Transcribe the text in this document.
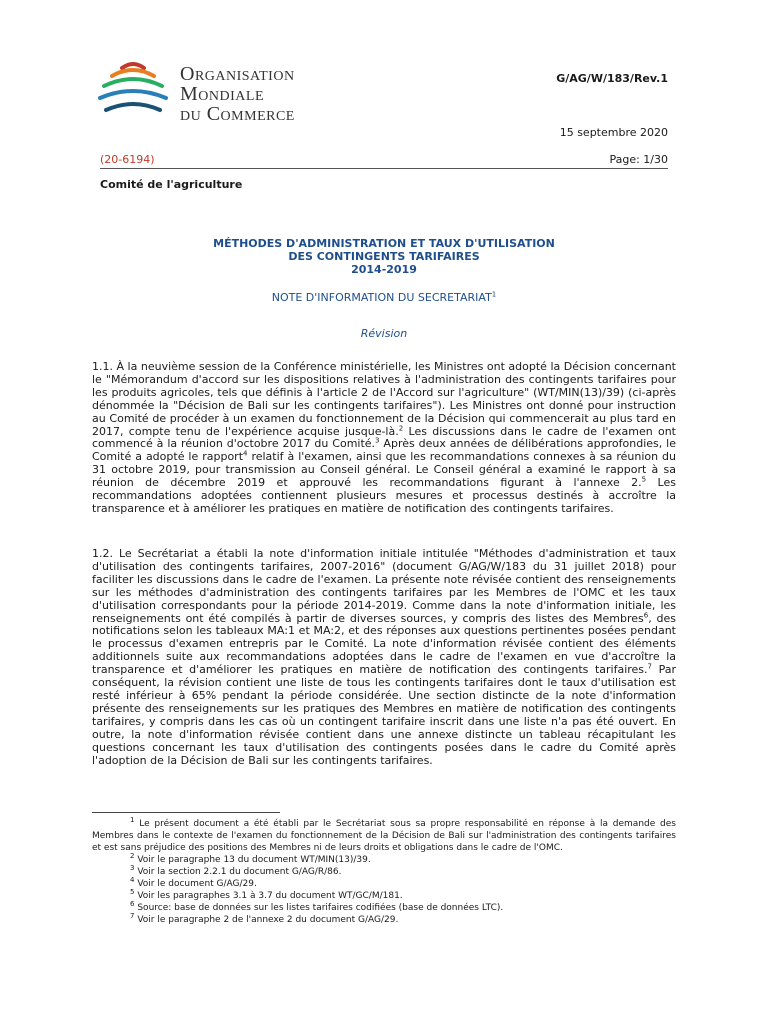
Organisation
Mondiale
du Commerce
G/AG/W/183/Rev.1
15 septembre 2020
(20-6194)	Page: 1/30
Comité de l'agriculture
MÉTHODES D'ADMINISTRATION ET TAUX D'UTILISATION
DES CONTINGENTS TARIFAIRES
2014-2019
NOTE D'INFORMATION DU SECRETARIAT$^1$
Révision
1.1. À la neuvième session de la Conférence ministérielle, les Ministres ont adopté la Décision concernant le "Mémorandum d'accord sur les dispositions relatives à l'administration des contingents tarifaires pour les produits agricoles, tels que définis à l'article 2 de l'Accord sur l'agriculture" (WT/MIN(13)/39) (ci-après dénommée la "Décision de Bali sur les contingents tarifaires"). Les Ministres ont donné pour instruction au Comité de procéder à un examen du fonctionnement de la Décision qui commencerait au plus tard en 2017, compte tenu de l'expérience acquise jusque-là.$^2$ Les discussions dans le cadre de l'examen ont commencé à la réunion d'octobre 2017 du Comité.$^3$ Après deux années de délibérations approfondies, le Comité a adopté le rapport$^4$ relatif à l'examen, ainsi que les recommandations connexes à sa réunion du 31 octobre 2019, pour transmission au Conseil général. Le Conseil général a examiné le rapport à sa réunion de décembre 2019 et approuvé les recommandations figurant à l'annexe 2.$^5$ Les recommandations adoptées contiennent plusieurs mesures et processus destinés à accroître la transparence et à améliorer les pratiques en matière de notification des contingents tarifaires.
1.2. Le Secrétariat a établi la note d'information initiale intitulée "Méthodes d'administration et taux d'utilisation des contingents tarifaires, 2007-2016" (document G/AG/W/183 du 31 juillet 2018) pour faciliter les discussions dans le cadre de l'examen. La présente note révisée contient des renseignements sur les méthodes d'administration des contingents tarifaires par les Membres de l'OMC et les taux d'utilisation correspondants pour la période 2014-2019. Comme dans la note d'information initiale, les renseignements ont été compilés à partir de diverses sources, y compris des listes des Membres$^6$, des notifications selon les tableaux MA:1 et MA:2, et des réponses aux questions pertinentes posées pendant le processus d'examen entrepris par le Comité. La note d'information révisée contient des éléments additionnels suite aux recommandations adoptées dans le cadre de l'examen en vue d'accroître la transparence et d'améliorer les pratiques en matière de notification des contingents tarifaires.$^7$ Par conséquent, la révision contient une liste de tous les contingents tarifaires dont le taux d'utilisation est resté inférieur à 65% pendant la période considérée. Une section distincte de la note d'information présente des renseignements sur les pratiques des Membres en matière de notification des contingents tarifaires, y compris dans les cas où un contingent tarifaire inscrit dans une liste n'a pas été ouvert. En outre, la note d'information révisée contient dans une annexe distincte un tableau récapitulant les questions concernant les taux d'utilisation des contingents posées dans le cadre du Comité après l'adoption de la Décision de Bali sur les contingents tarifaires.
$^1$ Le présent document a été établi par le Secrétariat sous sa propre responsabilité en réponse à la demande des Membres dans le contexte de l'examen du fonctionnement de la Décision de Bali sur l'administration des contingents tarifaires et est sans préjudice des positions des Membres ni de leurs droits et obligations dans le cadre de l'OMC.
$^2$ Voir le paragraphe 13 du document WT/MIN(13)/39.
$^3$ Voir la section 2.2.1 du document G/AG/R/86.
$^4$ Voir le document G/AG/29.
$^5$ Voir les paragraphes 3.1 à 3.7 du document WT/GC/M/181.
$^6$ Source: base de données sur les listes tarifaires codifiées (base de données LTC).
$^7$ Voir le paragraphe 2 de l'annexe 2 du document G/AG/29.
